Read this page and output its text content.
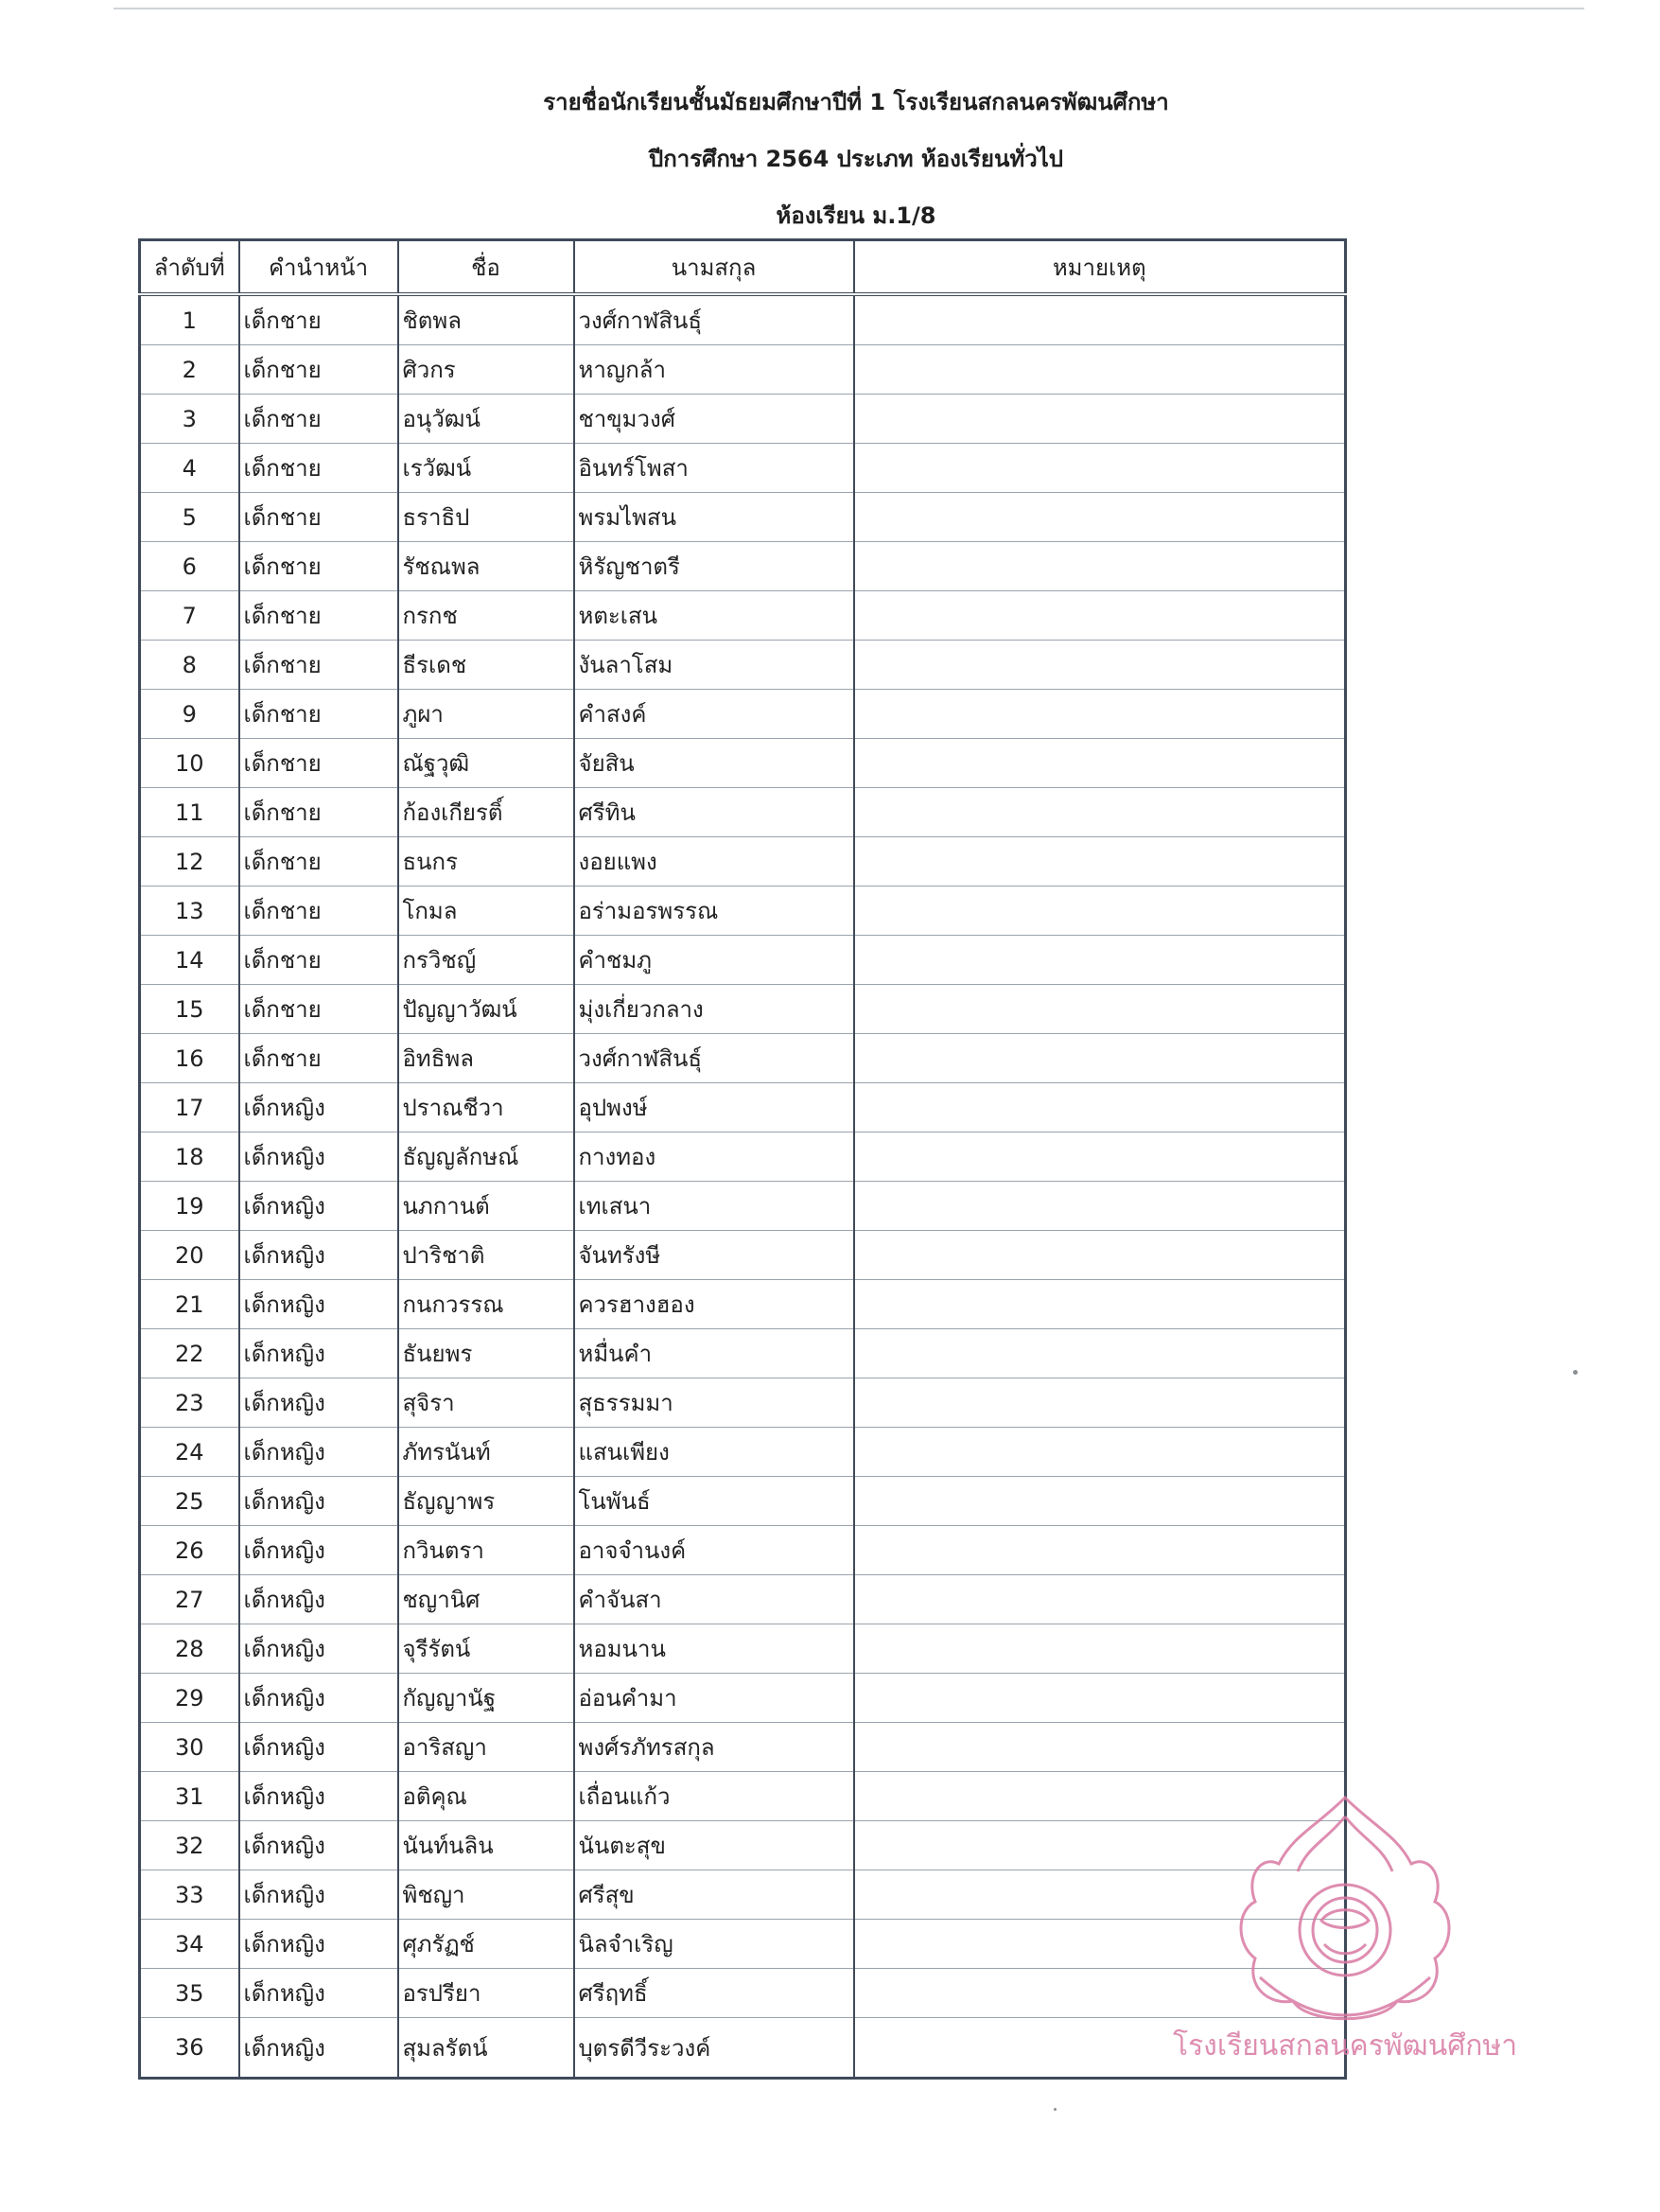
รายชื่อนักเรียนชั้นมัธยมศึกษาปีที่ 1 โรงเรียนสกลนครพัฒนศึกษา
ปีการศึกษา 2564 ประเภท ห้องเรียนทั่วไป
ห้องเรียน ม.1/8
ลำดับที่	คำนำหน้า	ชื่อ	นามสกุล	หมายเหตุ
1	เด็กชาย	ชิตพล	วงศ์กาฬสินธุ์	
2	เด็กชาย	ศิวกร	หาญกล้า	
3	เด็กชาย	อนุวัฒน์	ชาขุมวงศ์	
4	เด็กชาย	เรวัฒน์	อินทร์โพสา	
5	เด็กชาย	ธราธิป	พรมไพสน	
6	เด็กชาย	รัชณพล	หิรัญชาตรี	
7	เด็กชาย	กรกช	หตะเสน	
8	เด็กชาย	ธีรเดช	งันลาโสม	
9	เด็กชาย	ภูผา	คำสงค์	
10	เด็กชาย	ณัฐวุฒิ	จัยสิน	
11	เด็กชาย	ก้องเกียรติ์	ศรีทิน	
12	เด็กชาย	ธนกร	งอยแพง	
13	เด็กชาย	โกมล	อร่ามอรพรรณ	
14	เด็กชาย	กรวิชญ์	คำชมภู	
15	เด็กชาย	ปัญญาวัฒน์	มุ่งเกี่ยวกลาง	
16	เด็กชาย	อิทธิพล	วงศ์กาฬสินธุ์	
17	เด็กหญิง	ปราณชีวา	อุปพงษ์	
18	เด็กหญิง	ธัญญลักษณ์	กางทอง	
19	เด็กหญิง	นภกานต์	เทเสนา	
20	เด็กหญิง	ปาริชาติ	จันทรังษี	
21	เด็กหญิง	กนกวรรณ	ควรฮางฮอง	
22	เด็กหญิง	ธันยพร	หมื่นคำ	
23	เด็กหญิง	สุจิรา	สุธรรมมา	
24	เด็กหญิง	ภัทรนันท์	แสนเพียง	
25	เด็กหญิง	ธัญญาพร	โนพันธ์	
26	เด็กหญิง	กวินตรา	อาจจำนงค์	
27	เด็กหญิง	ชญานิศ	คำจันสา	
28	เด็กหญิง	จุรีรัตน์	หอมนาน	
29	เด็กหญิง	กัญญานัฐ	อ่อนคำมา	
30	เด็กหญิง	อาริสญา	พงศ์รภัทรสกุล	
31	เด็กหญิง	อติคุณ	เถื่อนแก้ว	
32	เด็กหญิง	นันท์นลิน	นันตะสุข	
33	เด็กหญิง	พิชญา	ศรีสุข	
34	เด็กหญิง	ศุภรัฏช์	นิลจำเริญ	
35	เด็กหญิง	อรปรียา	ศรีฤทธิ์	
36	เด็กหญิง	สุมลรัตน์	บุตรดีวีระวงค์		โรงเรียนสกลนครพัฒนศึกษา
